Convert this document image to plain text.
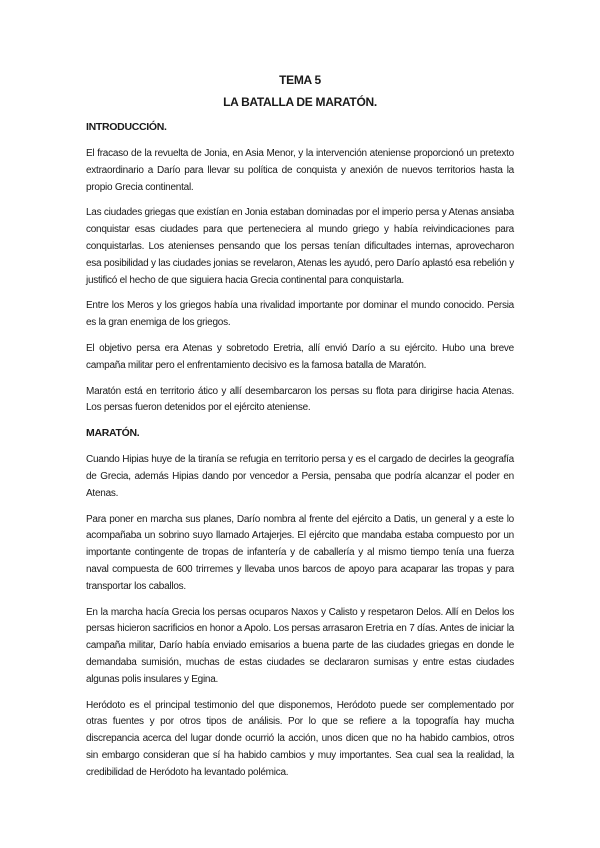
TEMA 5
LA BATALLA DE MARATÓN.
INTRODUCCIÓN.

El fracaso de la revuelta de Jonia, en Asia Menor, y la intervención ateniense proporcionó un pretexto extraordinario a Darío para llevar su política de conquista y anexión de nuevos territorios hasta la propio Grecia continental.

Las ciudades griegas que existían en Jonia estaban dominadas por el imperio persa y Atenas ansiaba conquistar esas ciudades para que perteneciera al mundo griego y había reivindicaciones para conquistarlas. Los atenienses pensando que los persas tenían dificultades internas, aprovecharon esa posibilidad y las ciudades jonias se revelaron, Atenas les ayudó, pero Darío aplastó esa rebelión y justificó el hecho de que siguiera hacia Grecia continental para conquistarla.

Entre los Meros y los griegos había una rivalidad importante por dominar el mundo conocido. Persia es la gran enemiga de los griegos.

El objetivo persa era Atenas y sobretodo Eretria, allí envió Darío a su ejército. Hubo una breve campaña militar pero el enfrentamiento decisivo es la famosa batalla de Maratón.

Maratón está en territorio ático y allí desembarcaron los persas su flota para dirigirse hacia Atenas. Los persas fueron detenidos por el ejército ateniense.

MARATÓN.

Cuando Hipias huye de la tiranía se refugia en territorio persa y es el cargado de decirles la geografía de Grecia, además Hipias dando por vencedor a Persia, pensaba que podría alcanzar el poder en Atenas.

Para poner en marcha sus planes, Darío nombra al frente del ejército a Datis, un general y a este lo acompañaba un sobrino suyo llamado Artajerjes. El ejército que mandaba estaba compuesto por un importante contingente de tropas de infantería y de caballería y al mismo tiempo tenía una fuerza naval compuesta de 600 trirremes y llevaba unos barcos de apoyo para acaparar las tropas y para transportar los caballos.

En la marcha hacía Grecia los persas ocuparos Naxos y Calisto y respetaron Delos. Allí en Delos los persas hicieron sacrificios en honor a Apolo. Los persas arrasaron Eretria en 7 días. Antes de iniciar la campaña militar, Darío había enviado emisarios a buena parte de las ciudades griegas en donde le demandaba sumisión, muchas de estas ciudades se declararon sumisas y entre estas ciudades algunas polis insulares y Egina.

Heródoto es el principal testimonio del que disponemos, Heródoto puede ser complementado por otras fuentes y por otros tipos de análisis. Por lo que se refiere a la topografía hay mucha discrepancia acerca del lugar donde ocurrió la acción, unos dicen que no ha habido cambios, otros sin embargo consideran que sí ha habido cambios y muy importantes. Sea cual sea la realidad, la credibilidad de Heródoto ha levantado polémica.
